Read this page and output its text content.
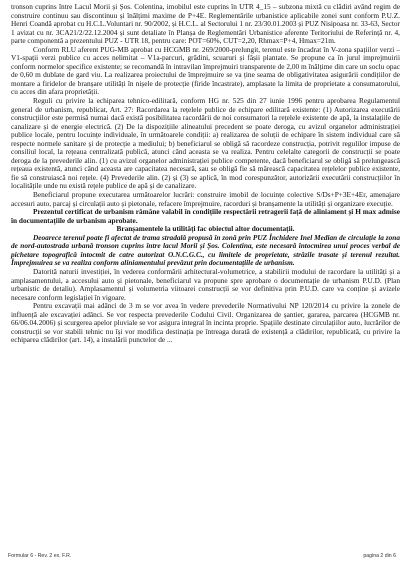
tronson cuprins între Lacul Morii și Șos. Colentina, imobilul este cuprins în UTR 4_15 – subzona mixtă cu clădiri având regim de construire continuu sau discontinuu și înălțimi maxime de P+4E. Reglementările urbanistice aplicabile zonei sunt conform P.U.Z. Henri Coandă aprobat cu H.C.L.Voluntari nr. 90/2002, și H.C.L. al Sectorului 1 nr. 23/30.01.2003 și PUZ Nisipoasa nr. 33-63, Sector 1 avizat cu nr. 3CA21/2/22.12.2004 și sunt detaliate în Planșa de Reglementări Urbanistice aferente Teritoriului de Referință nr. 4, parte componentă a prezentului PUZ - UTR 18, pentru care: POT=60%, CUT=2,20, Rhmax=P+4, Hmax=21m.

Conform RLU aferent PUG-MB aprobat cu HCGMB nr. 269/2000-prelungit, terenul este încadrat în V-zona spațiilor verzi – V1-spații verzi publice cu acces nelimitat – V1a-parcuri, grădini, scuaruri și fâșii plantate. Se propune ca în jurul imprejmuirii conform normelor specifice existente; se recomandă în intravilan împrejmuiri transparente de 2,00 m înălțime din care un soclu opac de 0,60 m dublate de gard viu. La realizarea proiectului de împrejmuire se va ține seama de obligativitatea asigurării condițiilor de montare a firidelor de branșare utilități în nișele de protecție (firide încastrate), amplasate la limita de proprietate a consumatorului, cu acces din afara proprietății.

Reguli cu privire la echiparea tehnico-edilitară, conform HG nr. 525 din 27 iunie 1996 pentru aprobarea Regulamentul general de urbanism, republicat, Art. 27: Racordarea la rețelele publice de echipare edilitară existente: (1) Autorizarea executării construcțiilor este permisă numai dacă există posibilitatea racordării de noi consumatori la rețelele existente de apă, la instalațiile de canalizare și de energie electrică. (2) De la dispozițiile alineatului precedent se poate deroga, cu avizul organelor administrației publice locale, pentru locuințe individuale, în următoarele condiții: a) realizarea de soluții de echipare în sistem individual care să respecte normele sanitare și de protecție a mediului; b) beneficiarul se obligă să racordeze construcția, potrivit regulilor impuse de consiliul local, la rețeaua centralizată publică, atunci când aceasta se va realiza. Pentru celelalte categorii de construcții se poate deroga de la prevederile alin. (1) cu avizul organelor administrației publice competente, dacă beneficiarul se obligă să prelungească rețeaua existentă, atunci când aceasta are capacitatea necesară, sau se obligă fie să mărească capacitatea rețelelor publice existente, fie să construiască noi rețele. (4) Prevederile alin. (2) și (3) se aplică, în mod corespunzător, autorizării executării construcțiilor în localitățile unde nu există rețele publice de apă și de canalizare.

Beneficiarul propune executarea următoarelor lucrări: construire imobil de locuințe colective S/Ds+P+3E+4Er, amenajare accesuri auto, parcaj și circulații auto și pietonale, refacere împrejmuire, racorduri și branșamente la utilități și organizare execuție.

Prezentul certificat de urbanism rămâne valabil în condițiile respectării retragerii față de aliniament și H max admise în documentațiile de urbanism aprobate.

Branșamentele la utilități fac obiectul altor documentații.

Deoarece terenul poate fi afectat de trama stradală propusă în zonă prin PUZ Închidere Inel Median de circulație la zona de nord-autostrada urbană tronson cuprins între lacul Morii și Șos. Colentina, este necesară întocmirea unui proces verbal de pichetare topografică întocmit de catre autorizat O.N.C.G.C., cu limitele de proprietate, străzile trasate și terenul rezultat. Împrejmuirea se va realiza conform aliniamentului prevăzut prin documentațiile de urbanism.

Datorită naturii investiției, în vederea conformării arhitectural-volumetrice, a stabilirii modului de racordare la utilități și a amplasamentului, a accesului auto și pietonale, beneficiarul va propune spre aprobare o documentație de urbanism P.U.D. (Plan urbanistic de detaliu). Amplasamentul și volumetria viitoarei construcții se vor definitiva prin P.U.D. care va conține și avizele necesare conform legislației în vigoare.

Pentru excavații mai adânci de 3 m se vor avea în vedere prevederile Normativului NP 120/2014 cu privire la zonele de influență ale excavației adânci. Se vor respecta prevederile Codului Civil. Organizarea de șantier, gararea, parcarea (HCGMB nr. 66/06.04.2006) și scurgerea apelor pluviale se vor asigura integral în incinta proprie. Spațiile destinate circulațiilor auto, lucrărilor de construcții se vor stabili tehnic nu își vor modifica destinația pe întreaga durată de existență a clădirilor, republicată, cu privire la echiparea clădirilor (art. 14), a instalării punctelor de ...

Formular 6 - Rev. 2 ex. F.R.	pagina 2 din 6
